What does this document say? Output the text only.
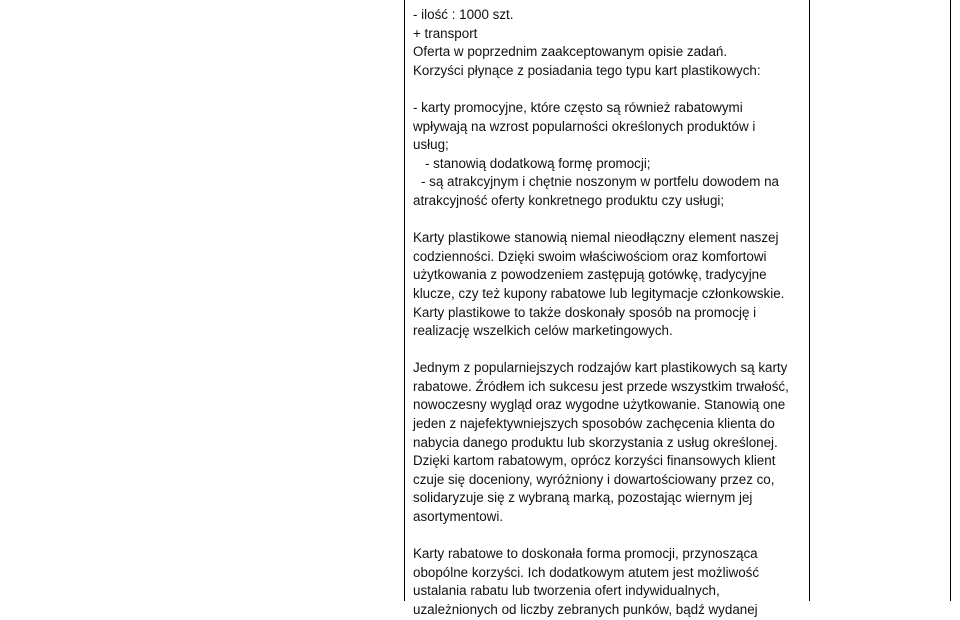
- ilość : 1000 szt.

+ transport

Oferta w poprzednim zaakceptowanym opisie zadań.

Korzyści płynące z posiadania tego typu kart plastikowych:

- karty promocyjne, które często są również rabatowymi

wpływają na wzrost popularności określonych produktów i

usług;

- stanowią dodatkową formę promocji;

- są atrakcyjnym i chętnie noszonym w portfelu dowodem na

atrakcyjność oferty konkretnego produktu czy usługi;

Karty plastikowe stanowią niemal nieodłączny element naszej

codzienności. Dzięki swoim właściwościom oraz komfortowi

użytkowania z powodzeniem zastępują gotówkę, tradycyjne

klucze, czy też kupony rabatowe lub legitymacje członkowskie.

Karty plastikowe to także doskonały sposób na promocję i

realizację wszelkich celów marketingowych.

Jednym z popularniejszych rodzajów kart plastikowych są karty

rabatowe. Źródłem ich sukcesu jest przede wszystkim trwałość,

nowoczesny wygląd oraz wygodne użytkowanie. Stanowią one

jeden z najefektywniejszych sposobów zachęcenia klienta do

nabycia danego produktu lub skorzystania z usług określonej.

Dzięki kartom rabatowym, oprócz korzyści finansowych klient

czuje się doceniony, wyróżniony i dowartościowany przez co,

solidaryzuje się z wybraną marką, pozostając wiernym jej

asortymentowi.

Karty rabatowe to doskonała forma promocji, przynosząca

obopólne korzyści. Ich dodatkowym atutem jest możliwość

ustalania rabatu lub tworzenia ofert indywidualnych,

uzależnionych od liczby zebranych punków, bądź wydanej
